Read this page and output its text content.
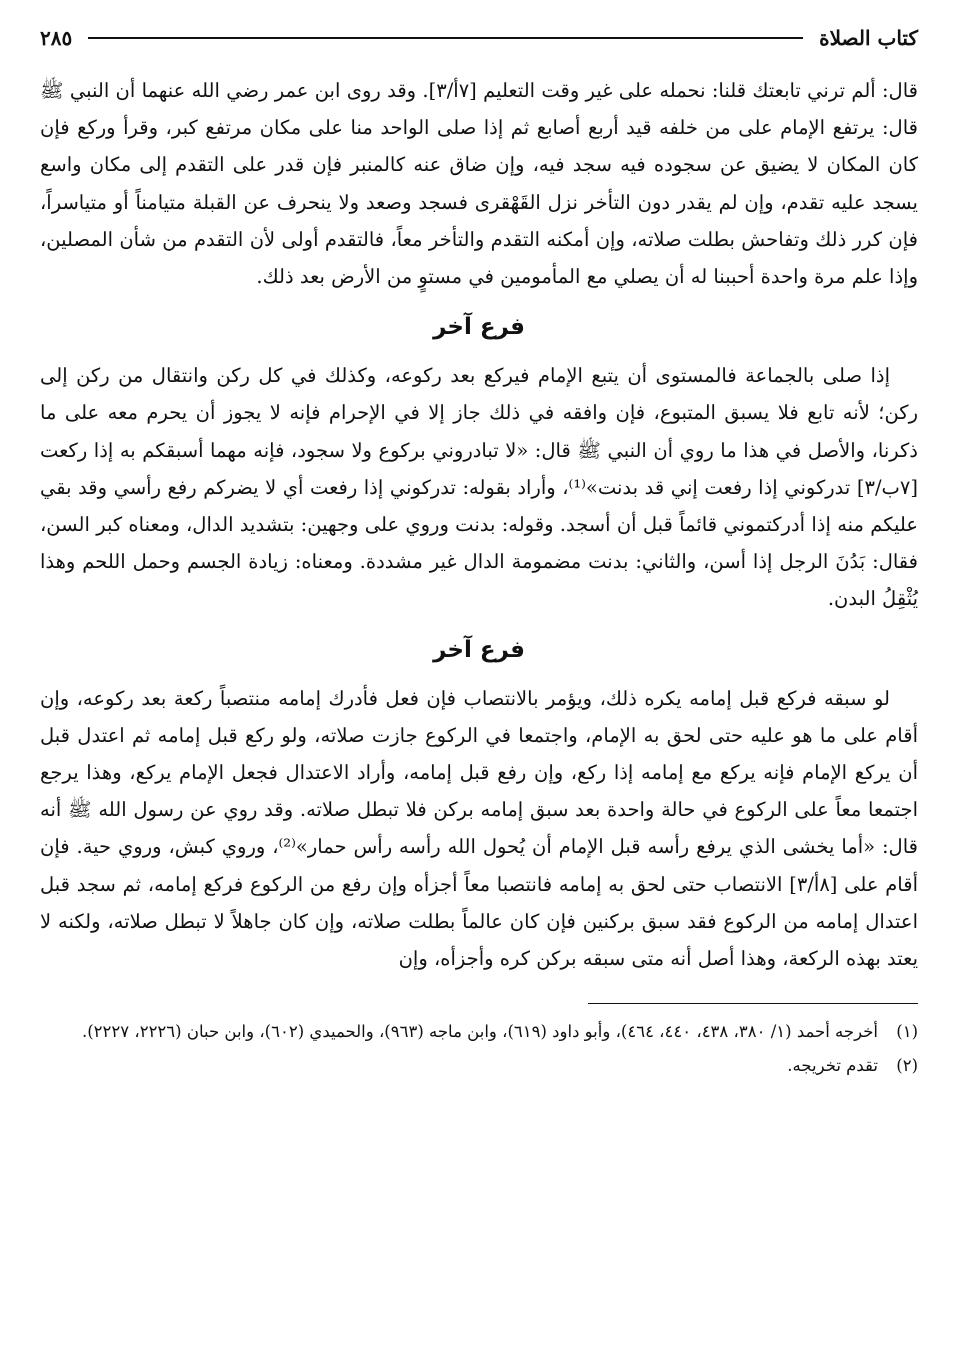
كتاب الصلاة
٢٨٥

قال: ألم ترني تابعتك قلنا: نحمله على غير وقت التعليم [٧أ/٣]. وقد روى ابن عمر رضي الله عنهما أن النبي ﷺ قال: يرتفع الإمام على من خلفه قيد أربع أصابع ثم إذا صلى الواحد منا على مكان مرتفع كبر، وقرأ وركع فإن كان المكان لا يضيق عن سجوده فيه سجد فيه، وإن ضاق عنه كالمنبر فإن قدر على التقدم إلى مكان واسع يسجد عليه تقدم، وإن لم يقدر دون التأخر نزل القَهْقرى فسجد وصعد ولا ينحرف عن القبلة متيامناً أو متياسراً، فإن كرر ذلك وتفاحش بطلت صلاته، وإن أمكنه التقدم والتأخر معاً، فالتقدم أولى لأن التقدم من شأن المصلين، وإذا علم مرة واحدة أحببنا له أن يصلي مع المأمومين في مستوٍ من الأرض بعد ذلك.

فرع آخر

إذا صلى بالجماعة فالمستوى أن يتبع الإمام فيركع بعد ركوعه، وكذلك في كل ركن وانتقال من ركن إلى ركن؛ لأنه تابع فلا يسبق المتبوع، فإن وافقه في ذلك جاز إلا في الإحرام فإنه لا يجوز أن يحرم معه على ما ذكرنا، والأصل في هذا ما روي أن النبي ﷺ قال: «لا تبادروني بركوع ولا سجود، فإنه مهما أسبقكم به إذا ركعت [٧ب/٣] تدركوني إذا رفعت إني قد بدنت»⁽¹⁾، وأراد بقوله: تدركوني إذا رفعت أي لا يضركم رفع رأسي وقد بقي عليكم منه إذا أدركتموني قائماً قبل أن أسجد. وقوله: بدنت وروي على وجهين: بتشديد الدال، ومعناه كبر السن، فقال: بَدُنَ الرجل إذا أسن، والثاني: بدنت مضمومة الدال غير مشددة. ومعناه: زيادة الجسم وحمل اللحم وهذا يُثْقِلُ البدن.

فرع آخر

لو سبقه فركع قبل إمامه يكره ذلك، ويؤمر بالانتصاب فإن فعل فأدرك إمامه منتصباً ركعة بعد ركوعه، وإن أقام على ما هو عليه حتى لحق به الإمام، واجتمعا في الركوع جازت صلاته، ولو ركع قبل إمامه ثم اعتدل قبل أن يركع الإمام فإنه يركع مع إمامه إذا ركع، وإن رفع قبل إمامه، وأراد الاعتدال فجعل الإمام يركع، وهذا يرجع اجتمعا معاً على الركوع في حالة واحدة بعد سبق إمامه بركن فلا تبطل صلاته. وقد روي عن رسول الله ﷺ أنه قال: «أما يخشى الذي يرفع رأسه قبل الإمام أن يُحول الله رأسه رأس حمار»⁽²⁾، وروي كبش، وروي حية. فإن أقام على [٨أ/٣] الانتصاب حتى لحق به إمامه فانتصبا معاً أجزأه وإن رفع من الركوع فركع إمامه، ثم سجد قبل اعتدال إمامه من الركوع فقد سبق بركنين فإن كان عالماً بطلت صلاته، وإن كان جاهلاً لا تبطل صلاته، ولكنه لا يعتد بهذه الركعة، وهذا أصل أنه متى سبقه بركن كره وأجزأه، وإن

(١)
أخرجه أحمد (١/ ٣٨٠، ٤٣٨، ٤٤٠، ٤٦٤)، وأبو داود (٦١٩)، وابن ماجه (٩٦٣)، والحميدي (٦٠٢)، وابن حبان (٢٢٢٦، ٢٢٢٧).
(٢)
تقدم تخريجه.
